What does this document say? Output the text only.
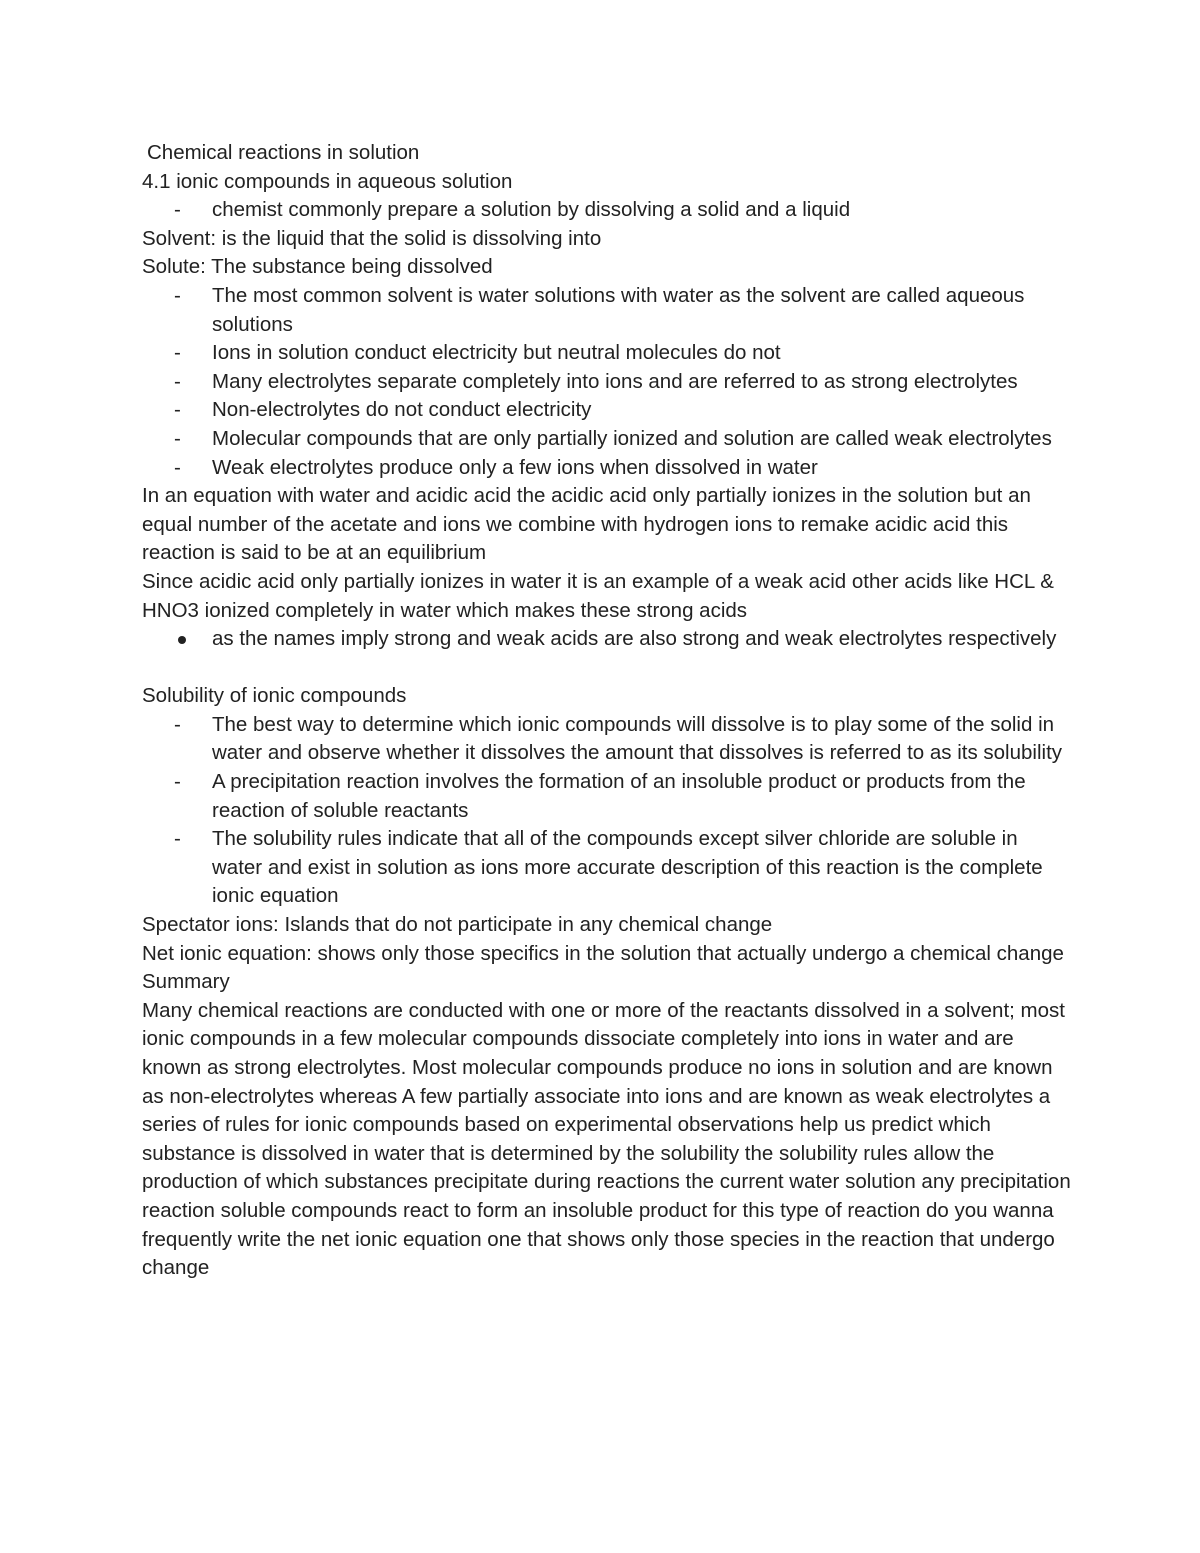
Chemical reactions in solution
4.1 ionic compounds in aqueous solution
-	chemist commonly prepare a solution by dissolving a solid and a liquid
Solvent: is the liquid that the solid is dissolving into
Solute: The substance being dissolved
-	The most common solvent is water solutions with water as the solvent are called aqueous solutions
-	Ions in solution conduct electricity but neutral molecules do not
-	Many electrolytes separate completely into ions and are referred to as strong electrolytes
-	Non-electrolytes do not conduct electricity
-	Molecular compounds that are only partially ionized and solution are called weak electrolytes
-	Weak electrolytes produce only a few ions when dissolved in water
In an equation with water and acidic acid the acidic acid only partially ionizes in the solution but an equal number of the acetate and ions we combine with hydrogen ions to remake acidic acid this reaction is said to be at an equilibrium
Since acidic acid only partially ionizes in water it is an example of a weak acid other acids like HCL & HNO3 ionized completely in water which makes these strong acids
as the names imply strong and weak acids are also strong and weak electrolytes respectively
Solubility of ionic compounds
-	The best way to determine which ionic compounds will dissolve is to play some of the solid in water and observe whether it dissolves the amount that dissolves is referred to as its solubility
-	A precipitation reaction involves the formation of an insoluble product or products from the reaction of soluble reactants
-	The solubility rules indicate that all of the compounds except silver chloride are soluble in water and exist in solution as ions more accurate description of this reaction is the complete ionic equation
Spectator ions: Islands that do not participate in any chemical change
Net ionic equation: shows only those specifics in the solution that actually undergo a chemical change
Summary
Many chemical reactions are conducted with one or more of the reactants dissolved in a solvent; most ionic compounds in a few molecular compounds dissociate completely into ions in water and are known as strong electrolytes. Most molecular compounds produce no ions in solution and are known as non-electrolytes whereas A few partially associate into ions and are known as weak electrolytes a series of rules for ionic compounds based on experimental observations help us predict which substance is dissolved in water that is determined by the solubility the solubility rules allow the production of which substances precipitate during reactions the current water solution any precipitation reaction soluble compounds react to form an insoluble product for this type of reaction do you wanna frequently write the net ionic equation one that shows only those species in the reaction that undergo change
